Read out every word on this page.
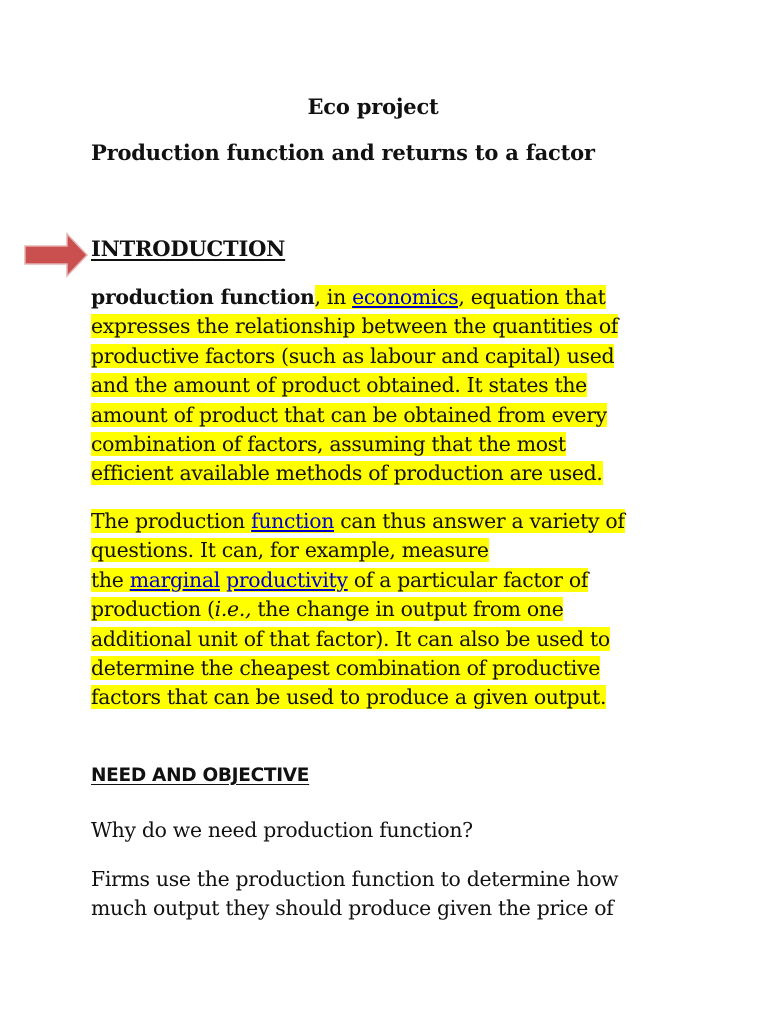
Eco project
Production function and returns to a factor
INTRODUCTION
production function, in economics, equation that
expresses the relationship between the quantities of
productive factors (such as labour and capital) used
and the amount of product obtained. It states the
amount of product that can be obtained from every
combination of factors, assuming that the most
efficient available methods of production are used.
The production function can thus answer a variety of
questions. It can, for example, measure
the marginal productivity of a particular factor of
production (i.e., the change in output from one
additional unit of that factor). It can also be used to
determine the cheapest combination of productive
factors that can be used to produce a given output.
NEED AND OBJECTIVE
Why do we need production function?
Firms use the production function to determine how
much output they should produce given the price of
